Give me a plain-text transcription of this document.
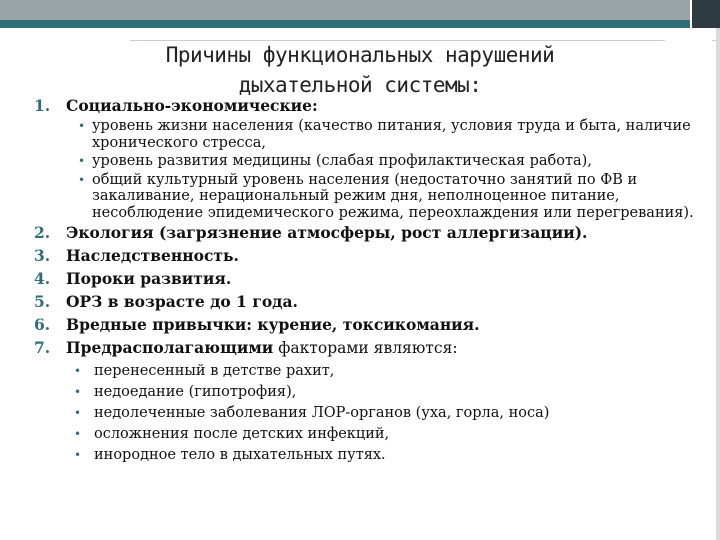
Причины функциональных нарушений
дыхательной системы:
1. Социально-экономические:
• уровень жизни населения (качество питания, условия труда и быта, наличие хронического стресса,
• уровень развития медицины (слабая профилактическая работа),
• общий культурный уровень населения (недостаточно занятий по ФВ и закаливание, нерациональный режим дня, неполноценное питание, несоблюдение эпидемического режима, переохлаждения или перегревания).
2. Экология (загрязнение атмосферы, рост аллергизации).
3. Наследственность.
4. Пороки развития.
5. ОРЗ в возрасте до 1 года.
6. Вредные привычки: курение, токсикомания.
7. Предрасполагающими факторами являются:
• перенесенный в детстве рахит,
• недоедание (гипотрофия),
• недолеченные заболевания ЛОР-органов (уха, горла, носа)
• осложнения после детских инфекций,
• инородное тело в дыхательных путях.
